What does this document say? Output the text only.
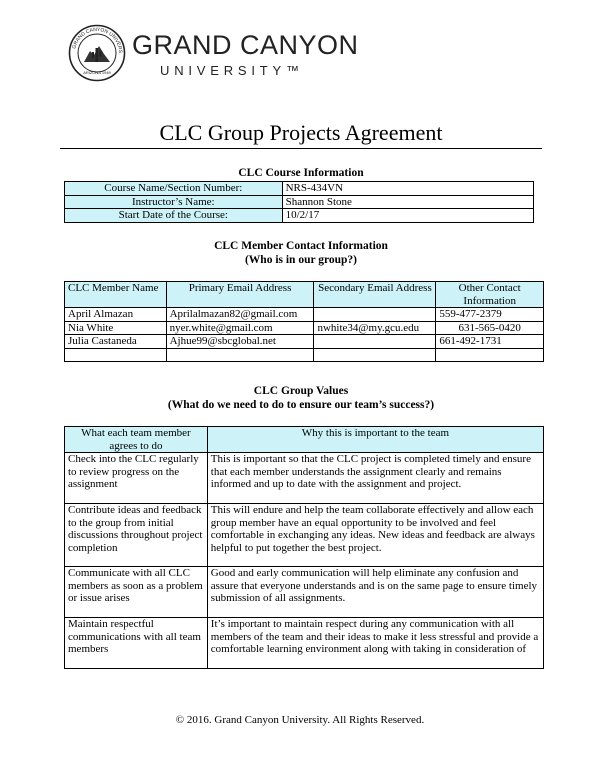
GRAND CANYON UNIVERS
ARIZONA 1949
GRAND CANYON
UNIVERSITY™
CLC Group Projects Agreement
CLC Course Information
Course Name/Section Number:	NRS-434VN
Instructor’s Name:	Shannon Stone
Start Date of the Course:	10/2/17
CLC Member Contact Information
(Who is in our group?)
CLC Member Name	Primary Email Address	Secondary Email Address	Other Contact Information
April Almazan	Aprilalmazan82@gmail.com		559-477-2379
Nia White	nyer.white@gmail.com	nwhite34@my.gcu.edu	631-565-0420
Julia Castaneda	Ajhue99@sbcglobal.net		661-492-1731

CLC Group Values
(What do we need to do to ensure our team’s success?)
What each team member agrees to do	Why this is important to the team
Check into the CLC regularly to review progress on the assignment	This is important so that the CLC project is completed timely and ensure that each member understands the assignment clearly and remains informed and up to date with the assignment and project.
Contribute ideas and feedback to the group from initial discussions throughout project completion	This will endure and help the team collaborate effectively and allow each group member have an equal opportunity to be involved and feel comfortable in exchanging any ideas. New ideas and feedback are always helpful to put together the best project.
Communicate with all CLC members as soon as a problem or issue arises	Good and early communication will help eliminate any confusion and assure that everyone understands and is on the same page to ensure timely submission of all assignments.
Maintain respectful communications with all team members	It’s important to maintain respect during any communication with all members of the team and their ideas to make it less stressful and provide a comfortable learning environment along with taking in consideration of
© 2016. Grand Canyon University. All Rights Reserved.
